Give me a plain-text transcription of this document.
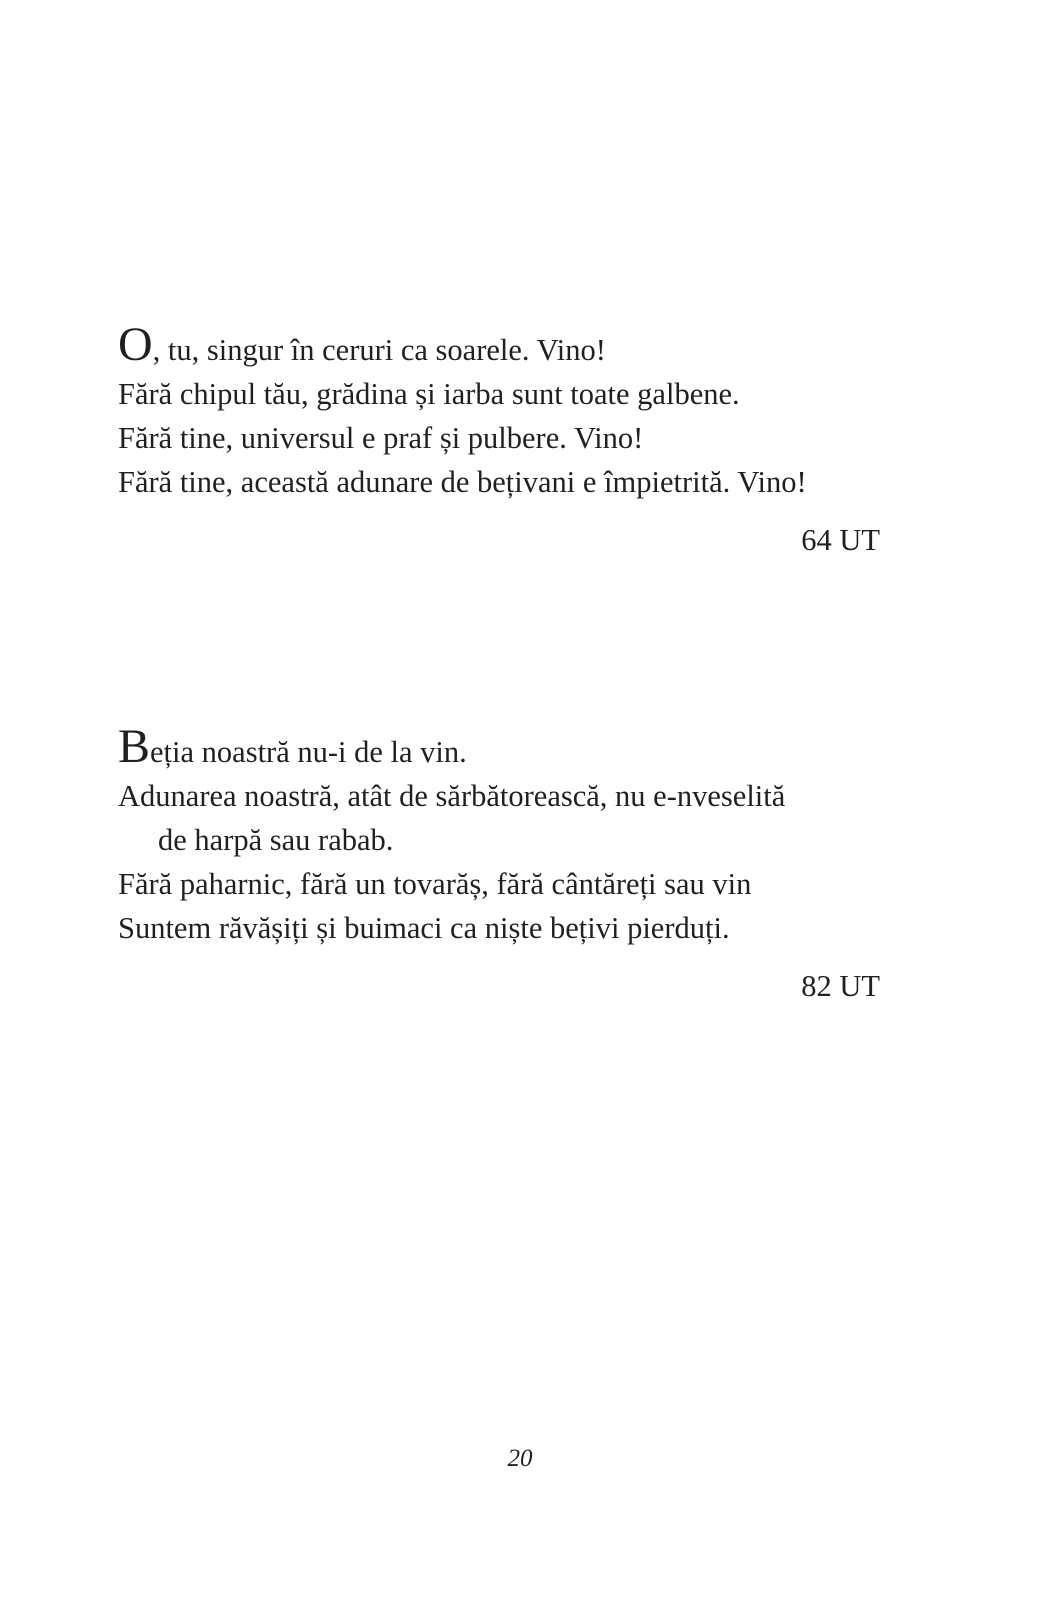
O, tu, singur în ceruri ca soarele. Vino!

Fără chipul tău, grădina și iarba sunt toate galbene.

Fără tine, universul e praf și pulbere. Vino!

Fără tine, această adunare de bețivani e împietrită. Vino!

64 UT

Beția noastră nu-i de la vin.

Adunarea noastră, atât de sărbătorească, nu e-nveselită

de harpă sau rabab.

Fără paharnic, fără un tovarăș, fără cântăreți sau vin

Suntem răvășiți și buimaci ca niște bețivi pierduți.

82 UT
20
